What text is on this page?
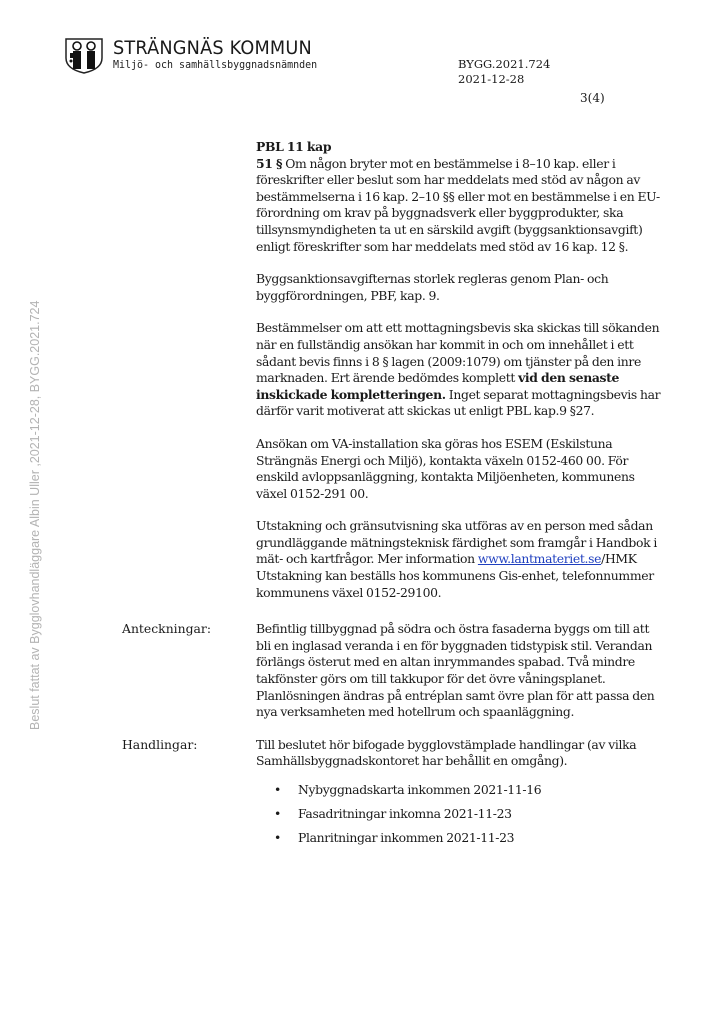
STRÄNGNÄS KOMMUN
Miljö- och samhällsbyggnadsnämnden	BYGG.2021.724
2021-12-28
3(4)
Beslut fattat av Bygglovhandläggare Albin Uller ,2021-12-28, BYGG.2021.724

PBL 11 kap

51 § Om någon bryter mot en bestämmelse i 8–10 kap. eller i föreskrifter eller beslut som har meddelats med stöd av någon av bestämmelserna i 16 kap. 2–10 §§ eller mot en bestämmelse i en EU-förordning om krav på byggnadsverk eller byggprodukter, ska tillsynsmyndigheten ta ut en särskild avgift (byggsanktionsavgift) enligt föreskrifter som har meddelats med stöd av 16 kap. 12 §.

Byggsanktionsavgifternas storlek regleras genom Plan- och byggförordningen, PBF, kap. 9.

Bestämmelser om att ett mottagningsbevis ska skickas till sökanden när en fullständig ansökan har kommit in och om innehållet i ett sådant bevis finns i 8 § lagen (2009:1079) om tjänster på den inre marknaden. Ert ärende bedömdes komplett vid den senaste inskickade kompletteringen. Inget separat mottagningsbevis har därför varit motiverat att skickas ut enligt PBL kap.9 §27.

Ansökan om VA-installation ska göras hos ESEM (Eskilstuna Strängnäs Energi och Miljö), kontakta växeln 0152-460 00. För enskild avloppsanläggning, kontakta Miljöenheten, kommunens växel 0152-291 00.

Utstakning och gränsutvisning ska utföras av en person med sådan grundläggande mätningsteknisk färdighet som framgår i Handbok i mät- och kartfrågor. Mer information www.lantmateriet.se/HMK Utstakning kan beställs hos kommunens Gis-enhet, telefonnummer kommunens växel 0152-29100.

Anteckningar:	Befintlig tillbyggnad på södra och östra fasaderna byggs om till att bli en inglasad veranda i en för byggnaden tidstypisk stil. Verandan förlängs österut med en altan inrymmandes spabad. Två mindre takfönster görs om till takkupor för det övre våningsplanet. Planlösningen ändras på entréplan samt övre plan för att passa den nya verksamheten med hotellrum och spaanläggning.
Handlingar:	Till beslutet hör bifogade bygglovstämplade handlingar (av vilka Samhällsbyggnadskontoret har behållit en omgång).

• Nybyggnadskarta inkommen 2021-11-16
• Fasadritningar inkomna 2021-11-23
• Planritningar inkommen 2021-11-23
